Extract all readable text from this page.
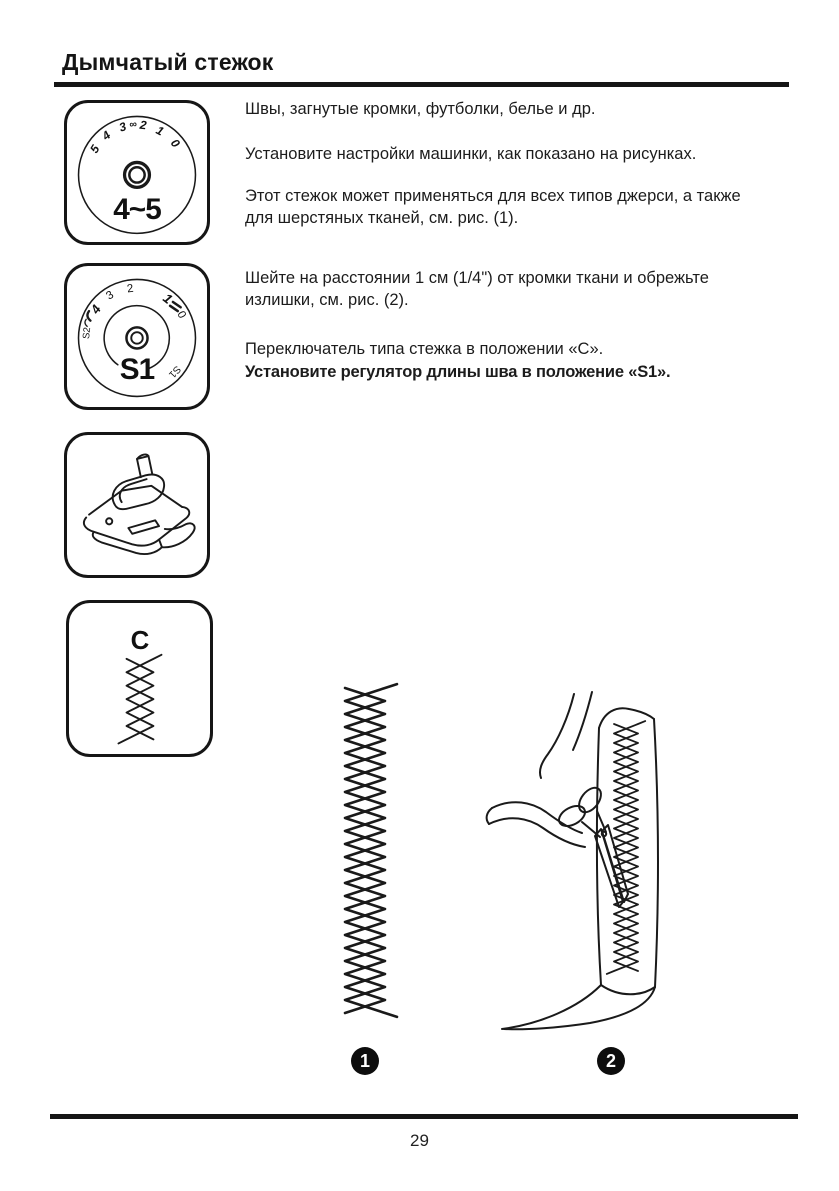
Дымчатый стежок
5
4
3 ∞ 2 1
0
4~5
2
3
4
S2
1
0
S1
S1
C
Швы, загнутые кромки, футболки, белье и др.
Установите настройки машинки, как показано на рисунках.
Этот стежок может применяться для всех типов джерси, а также
для шерстяных тканей, см. рис. (1).
Шейте на расстоянии 1 см (1/4") от кромки ткани и обрежьте
излишки, см. рис. (2).
Переключатель типа стежка в положении «С».
Установите регулятор длины шва в положение «S1».
1	2
29
